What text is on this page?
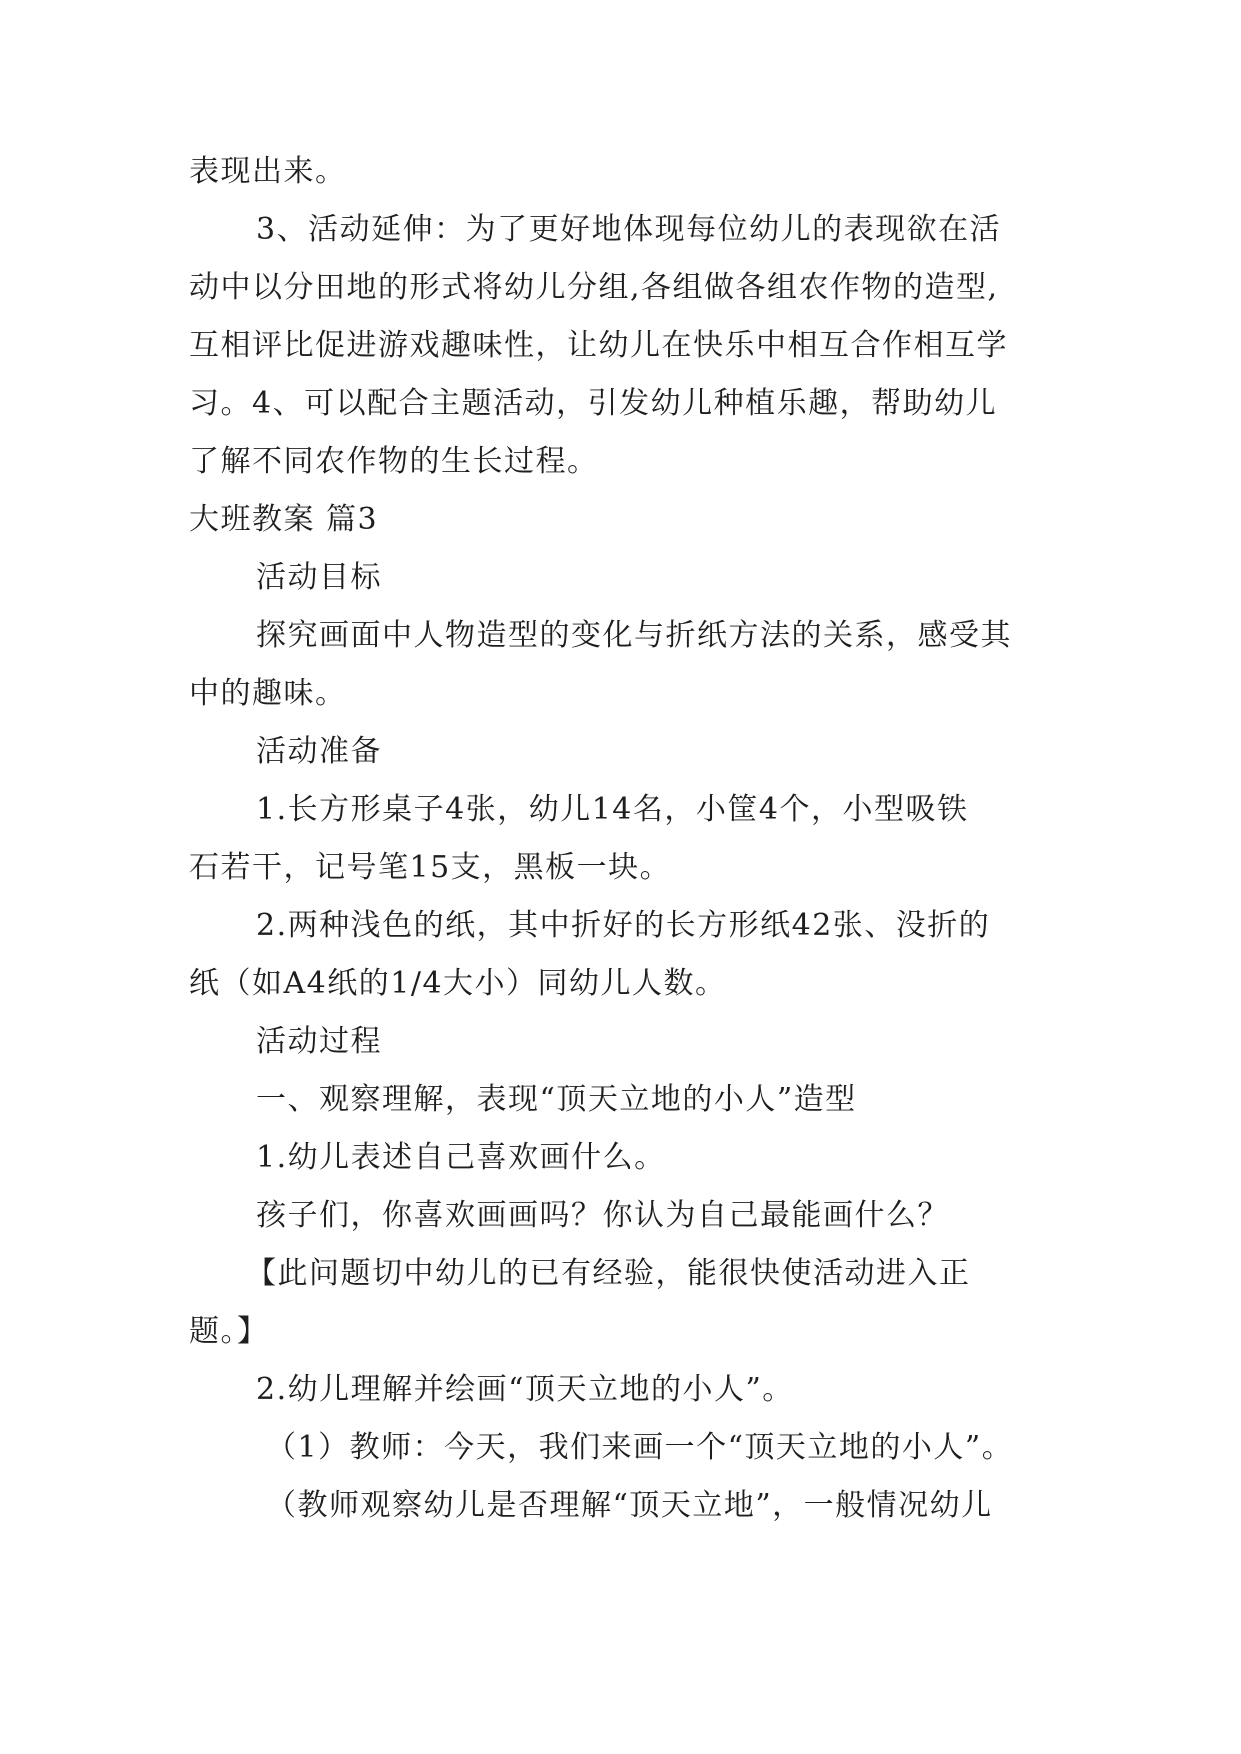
表现出来。
3、活动延伸：为了更好地体现每位幼儿的表现欲在活
动中以分田地的形式将幼儿分组,各组做各组农作物的造型,
互相评比促进游戏趣味性，让幼儿在快乐中相互合作相互学
习。4、可以配合主题活动，引发幼儿种植乐趣，帮助幼儿
了解不同农作物的生长过程。
大班教案 篇3
活动目标
探究画面中人物造型的变化与折纸方法的关系，感受其
中的趣味。
活动准备
1.长方形桌子4张，幼儿14名，小筐4个，小型吸铁
石若干，记号笔15支，黑板一块。
2.两种浅色的纸，其中折好的长方形纸42张、没折的
纸（如A4纸的1/4大小）同幼儿人数。
活动过程
一、观察理解，表现“顶天立地的小人”造型
1.幼儿表述自己喜欢画什么。
孩子们，你喜欢画画吗？你认为自己最能画什么？
【此问题切中幼儿的已有经验，能很快使活动进入正
题。】
2.幼儿理解并绘画“顶天立地的小人”。
（1）教师：今天，我们来画一个“顶天立地的小人”。
（教师观察幼儿是否理解“顶天立地”，一般情况幼儿
